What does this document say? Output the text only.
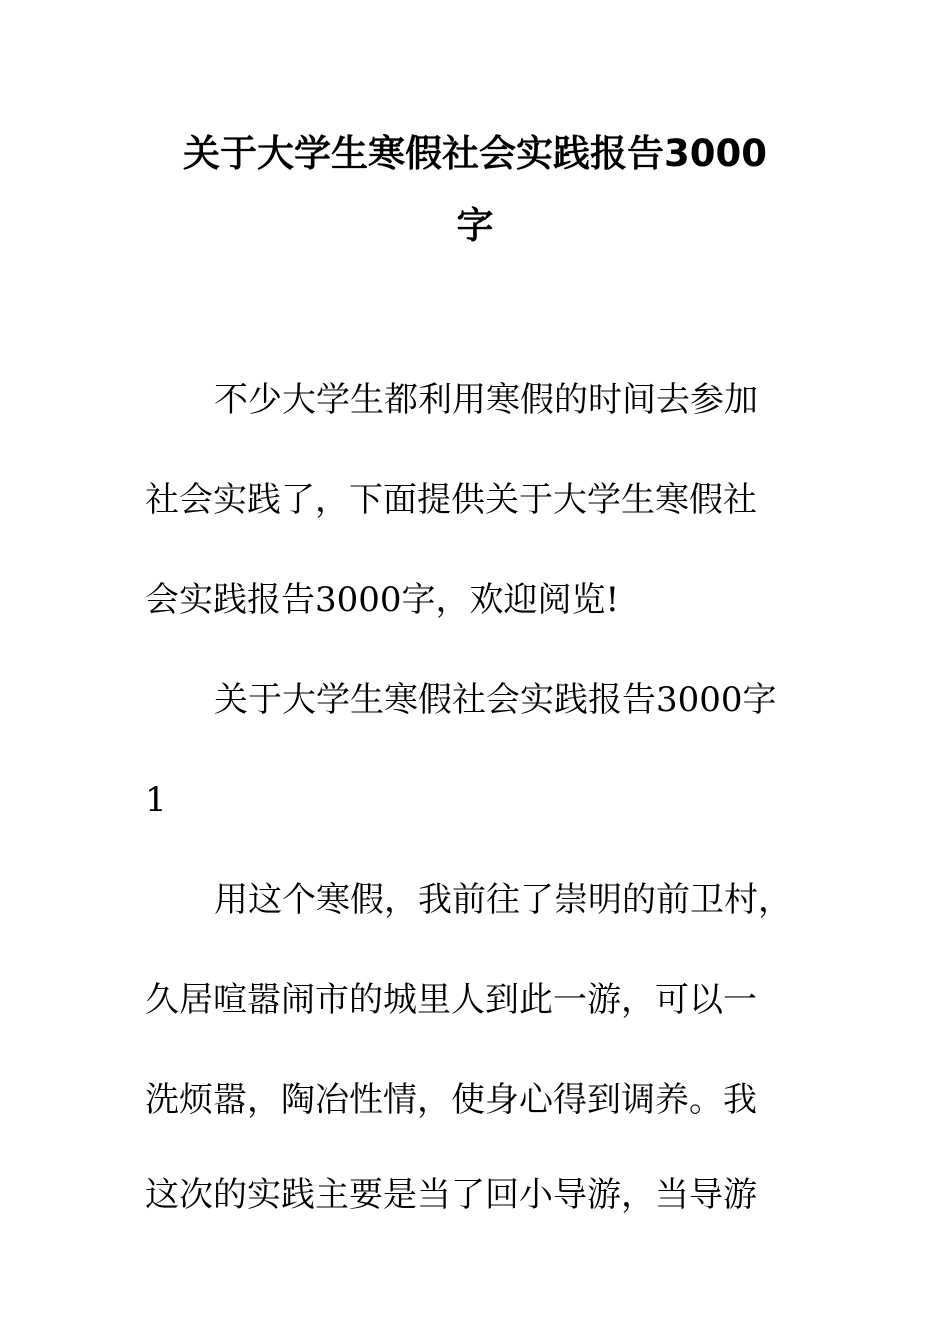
关于大学生寒假社会实践报告3000
字
不少大学生都利用寒假的时间去参加
社会实践了，下面提供关于大学生寒假社
会实践报告3000字，欢迎阅览!
关于大学生寒假社会实践报告3000字
1
用这个寒假，我前往了崇明的前卫村，
久居喧嚣闹市的城里人到此一游，可以一
洗烦嚣，陶冶性情，使身心得到调养。我
这次的实践主要是当了回小导游，当导游
